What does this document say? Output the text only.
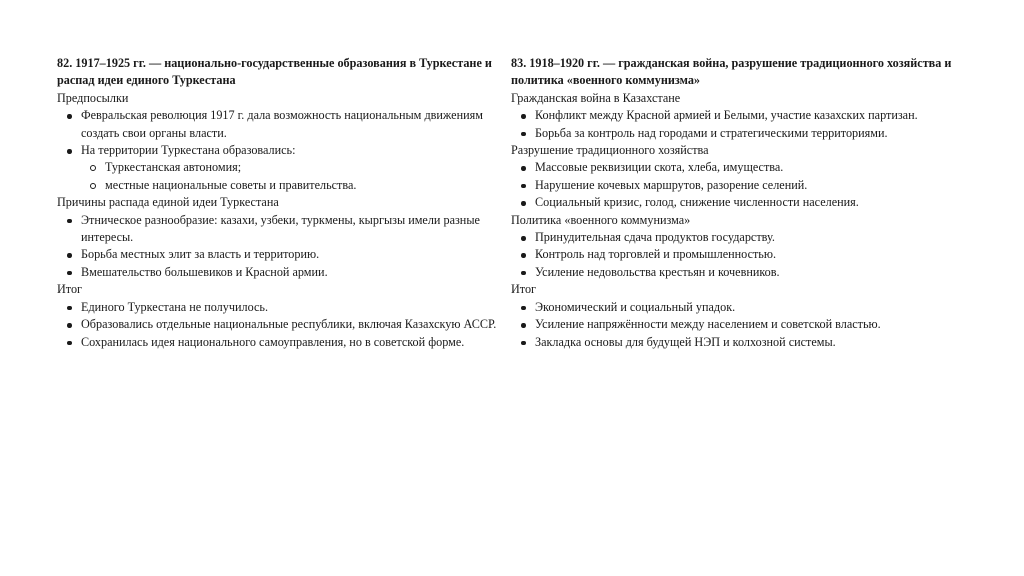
82. 1917–1925 гг. — национально-государственные образования в Туркестане и распад идеи единого Туркестана

Предпосылки

Февральская революция 1917 г. дала возможность национальным движениям создать свои органы власти.
На территории Туркестана образовались:
Туркестанская автономия;
местные национальные советы и правительства.

Причины распада единой идеи Туркестана

Этническое разнообразие: казахи, узбеки, туркмены, кыргызы имели разные интересы.
Борьба местных элит за власть и территорию.
Вмешательство большевиков и Красной армии.

Итог

Единого Туркестана не получилось.
Образовались отдельные национальные республики, включая Казахскую АССР.
Сохранилась идея национального самоуправления, но в советской форме.

83. 1918–1920 гг. — гражданская война, разрушение традиционного хозяйства и политика «военного коммунизма»

Гражданская война в Казахстане

Конфликт между Красной армией и Белыми, участие казахских партизан.
Борьба за контроль над городами и стратегическими территориями.

Разрушение традиционного хозяйства

Массовые реквизиции скота, хлеба, имущества.
Нарушение кочевых маршрутов, разорение селений.
Социальный кризис, голод, снижение численности населения.

Политика «военного коммунизма»

Принудительная сдача продуктов государству.
Контроль над торговлей и промышленностью.
Усиление недовольства крестьян и кочевников.

Итог

Экономический и социальный упадок.
Усиление напряжённости между населением и советской властью.
Закладка основы для будущей НЭП и колхозной системы.
